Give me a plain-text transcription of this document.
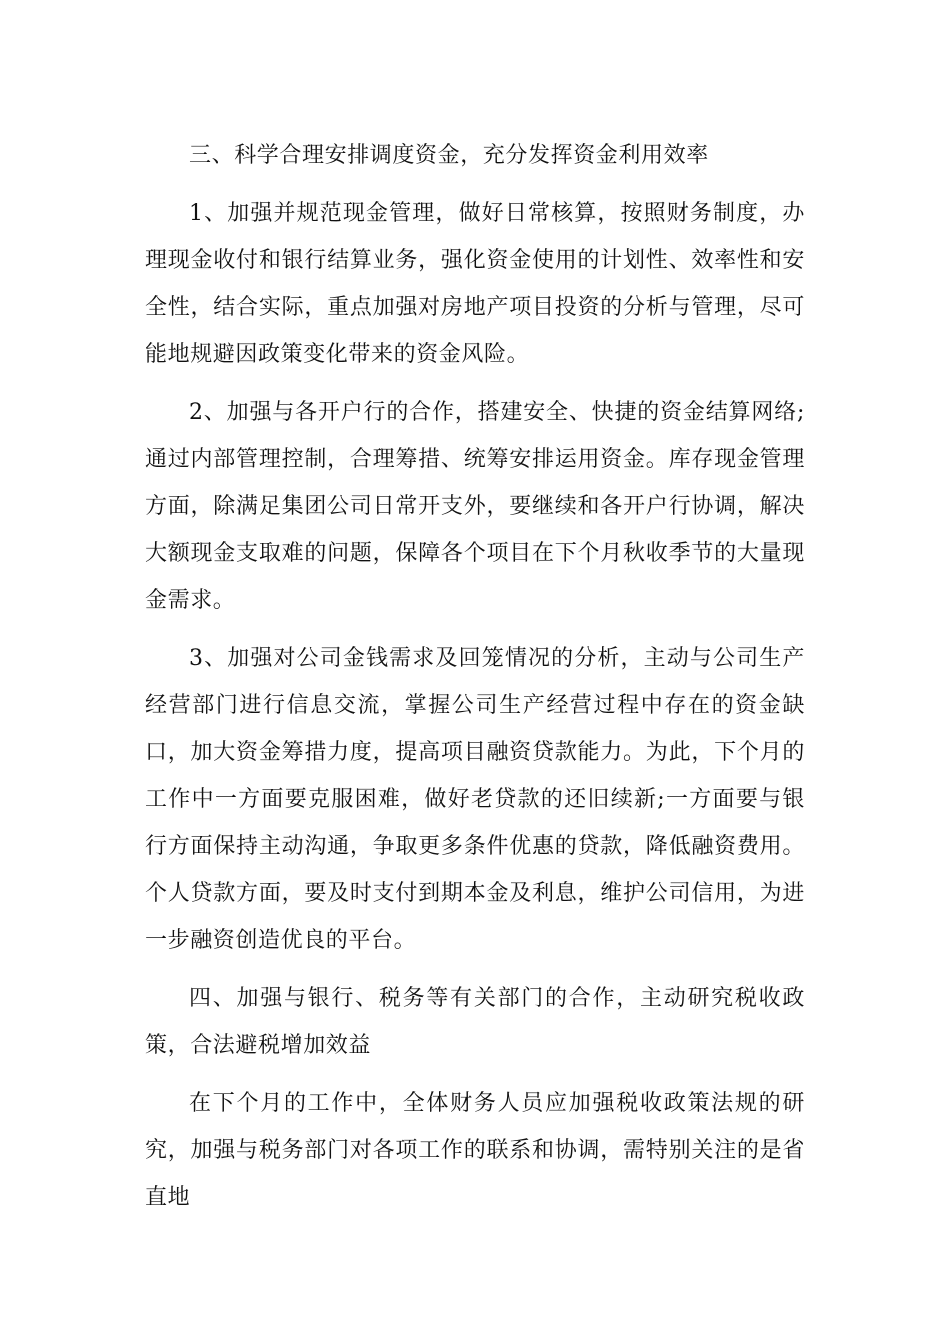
三、科学合理安排调度资金，充分发挥资金利用效率

1、加强并规范现金管理，做好日常核算，按照财务制度，办理现金收付和银行结算业务，强化资金使用的计划性、效率性和安全性，结合实际，重点加强对房地产项目投资的分析与管理，尽可能地规避因政策变化带来的资金风险。

2、加强与各开户行的合作，搭建安全、快捷的资金结算网络;通过内部管理控制，合理筹措、统筹安排运用资金。库存现金管理方面，除满足集团公司日常开支外，要继续和各开户行协调，解决大额现金支取难的问题，保障各个项目在下个月秋收季节的大量现金需求。

3、加强对公司金钱需求及回笼情况的分析，主动与公司生产经营部门进行信息交流，掌握公司生产经营过程中存在的资金缺口，加大资金筹措力度，提高项目融资贷款能力。为此，下个月的工作中一方面要克服困难，做好老贷款的还旧续新;一方面要与银行方面保持主动沟通，争取更多条件优惠的贷款，降低融资费用。个人贷款方面，要及时支付到期本金及利息，维护公司信用，为进一步融资创造优良的平台。

四、加强与银行、税务等有关部门的合作，主动研究税收政策，合法避税增加效益

在下个月的工作中，全体财务人员应加强税收政策法规的研究，加强与税务部门对各项工作的联系和协调，需特别关注的是省直地
